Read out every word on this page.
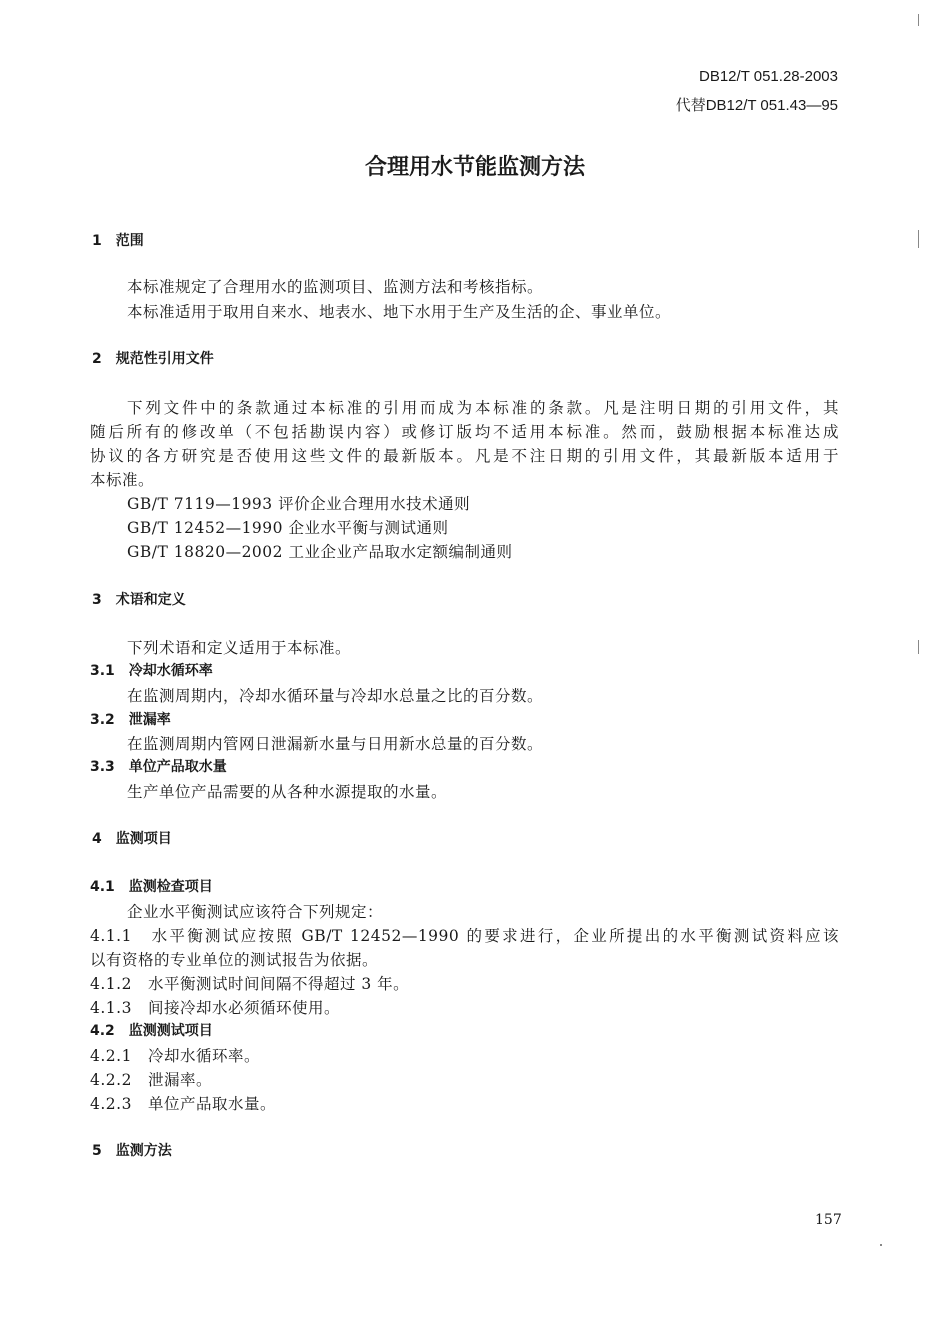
DB12/T 051.28-2003
代替DB12/T 051.43—95
合理用水节能监测方法
1　范围
本标准规定了合理用水的监测项目、监测方法和考核指标。
本标准适用于取用自来水、地表水、地下水用于生产及生活的企、事业单位。
2　规范性引用文件
下列文件中的条款通过本标准的引用而成为本标准的条款。凡是注明日期的引用文件，其
随后所有的修改单（不包括勘误内容）或修订版均不适用本标准。然而，鼓励根据本标准达成
协议的各方研究是否使用这些文件的最新版本。凡是不注日期的引用文件，其最新版本适用于
本标准。
GB/T 7119—1993 评价企业合理用水技术通则
GB/T 12452—1990 企业水平衡与测试通则
GB/T 18820—2002 工业企业产品取水定额编制通则
3　术语和定义
下列术语和定义适用于本标准。
3.1　冷却水循环率
在监测周期内，冷却水循环量与冷却水总量之比的百分数。
3.2　泄漏率
在监测周期内管网日泄漏新水量与日用新水总量的百分数。
3.3　单位产品取水量
生产单位产品需要的从各种水源提取的水量。
4　监测项目
4.1　监测检查项目
企业水平衡测试应该符合下列规定：
4.1.1　水平衡测试应按照 GB/T 12452—1990 的要求进行，企业所提出的水平衡测试资料应该
以有资格的专业单位的测试报告为依据。
4.1.2　水平衡测试时间间隔不得超过 3 年。
4.1.3　间接冷却水必须循环使用。
4.2　监测测试项目
4.2.1　冷却水循环率。
4.2.2　泄漏率。
4.2.3　单位产品取水量。
5　监测方法
157
